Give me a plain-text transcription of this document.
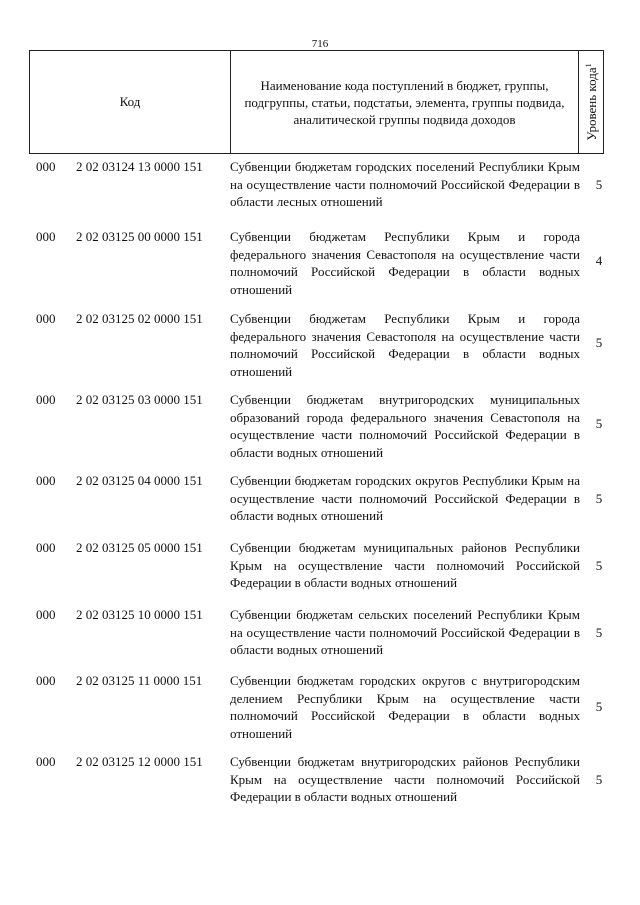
716
Код
Наименование кода поступлений в бюджет, группы, подгруппы, статьи, подстатьи, элемента, группы подвида, аналитической группы подвида доходов	Уровень кода$^1$
000 2 02 03124 13 0000 151 Субвенции бюджетам городских поселений Республики Крым на осуществление части полномочий Российской Федерации в области лесных отношений
5
000 2 02 03125 00 0000 151 Субвенции бюджетам Республики Крым и города федерального значения Севастополя на осуществление части полномочий Российской Федерации в области водных отношений
4
000 2 02 03125 02 0000 151 Субвенции бюджетам Республики Крым и города федерального значения Севастополя на осуществление части полномочий Российской Федерации в области водных отношений
5
000 2 02 03125 03 0000 151 Субвенции бюджетам внутригородских муниципальных образований города федерального значения Севастополя на осуществление части полномочий Российской Федерации в области водных отношений
5
000 2 02 03125 04 0000 151 Субвенции бюджетам городских округов Республики Крым на осуществление части полномочий Российской Федерации в области водных отношений
5
000 2 02 03125 05 0000 151 Субвенции бюджетам муниципальных районов Республики Крым на осуществление части полномочий Российской Федерации в области водных отношений
5
000 2 02 03125 10 0000 151 Субвенции бюджетам сельских поселений Республики Крым на осуществление части полномочий Российской Федерации в области водных отношений
5
000 2 02 03125 11 0000 151 Субвенции бюджетам городских округов с внутригородским делением Республики Крым на осуществление части полномочий Российской Федерации в области водных отношений
5
000 2 02 03125 12 0000 151 Субвенции бюджетам внутригородских районов Республики Крым на осуществление части полномочий Российской Федерации в области водных отношений
5
